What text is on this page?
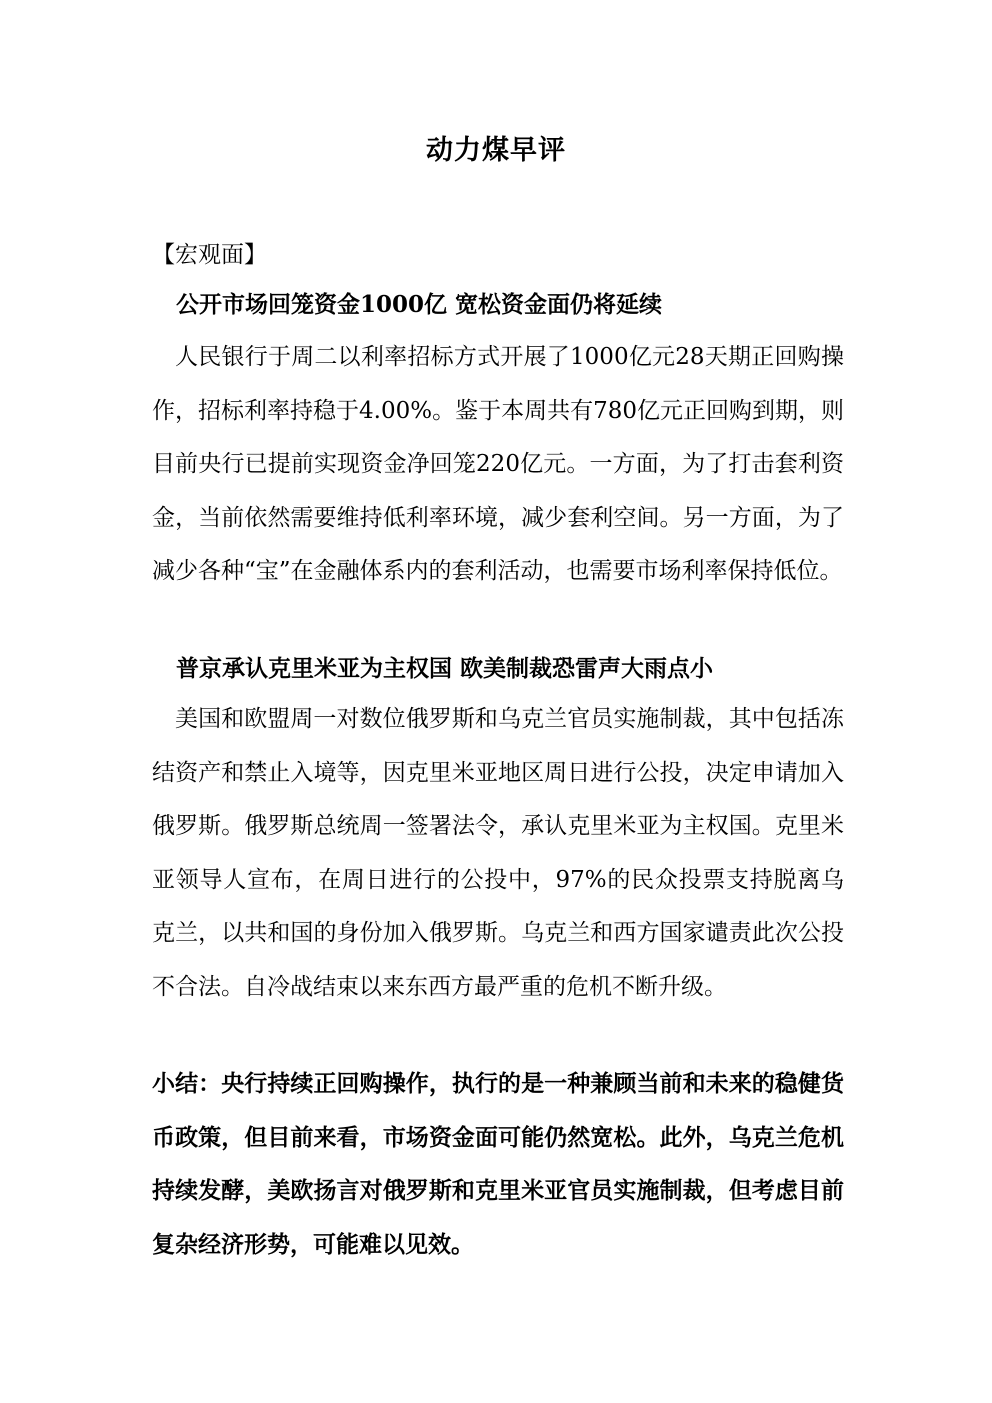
动力煤早评
【宏观面】
公开市场回笼资金1000亿 宽松资金面仍将延续
人民银行于周二以利率招标方式开展了1000亿元28天期正回购操作，招标利率持稳于4.00%。鉴于本周共有780亿元正回购到期，则目前央行已提前实现资金净回笼220亿元。一方面，为了打击套利资金，当前依然需要维持低利率环境，减少套利空间。另一方面，为了减少各种“宝”在金融体系内的套利活动，也需要市场利率保持低位。
普京承认克里米亚为主权国 欧美制裁恐雷声大雨点小
美国和欧盟周一对数位俄罗斯和乌克兰官员实施制裁，其中包括冻结资产和禁止入境等，因克里米亚地区周日进行公投，决定申请加入俄罗斯。俄罗斯总统周一签署法令，承认克里米亚为主权国。克里米亚领导人宣布，在周日进行的公投中，97%的民众投票支持脱离乌克兰，以共和国的身份加入俄罗斯。乌克兰和西方国家谴责此次公投不合法。自冷战结束以来东西方最严重的危机不断升级。
小结：央行持续正回购操作，执行的是一种兼顾当前和未来的稳健货币政策，但目前来看，市场资金面可能仍然宽松。此外，乌克兰危机持续发酵，美欧扬言对俄罗斯和克里米亚官员实施制裁，但考虑目前复杂经济形势，可能难以见效。
